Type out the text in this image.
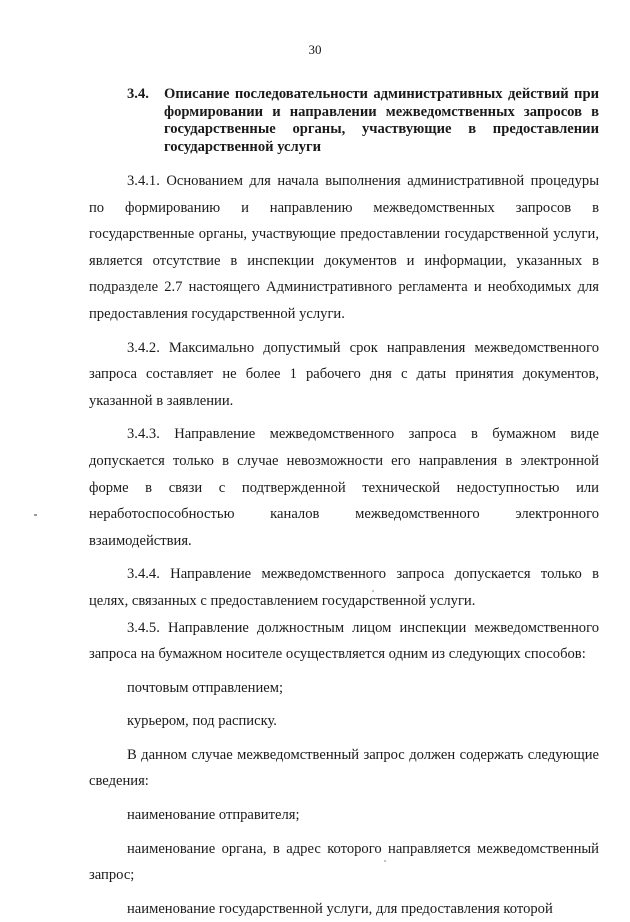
30
3.4. Описание последовательности административных действий при формировании и направлении межведомственных запросов в государственные органы, участвующие в предоставлении государственной услуги

3.4.1. Основанием для начала выполнения административной процедуры по формированию и направлению межведомственных запросов в государственные органы, участвующие предоставлении государственной услуги, является отсутствие в инспекции документов и информации, указанных в подразделе 2.7 настоящего Административного регламента и необходимых для предоставления государственной услуги.

3.4.2. Максимально допустимый срок направления межведомственного запроса составляет не более 1 рабочего дня с даты принятия документов, указанной в заявлении.

3.4.3. Направление межведомственного запроса в бумажном виде допускается только в случае невозможности его направления в электронной форме в связи с подтвержденной технической недоступностью или неработоспособностью каналов межведомственного электронного взаимодействия.

3.4.4. Направление межведомственного запроса допускается только в целях, связанных с предоставлением государственной услуги.

3.4.5. Направление должностным лицом инспекции межведомственного запроса на бумажном носителе осуществляется одним из следующих способов:

почтовым отправлением;

курьером, под расписку.

В данном случае межведомственный запрос должен содержать следующие сведения:

наименование отправителя;

наименование органа, в адрес которого направляется межведомственный запрос;

наименование государственной услуги, для предоставления которой
